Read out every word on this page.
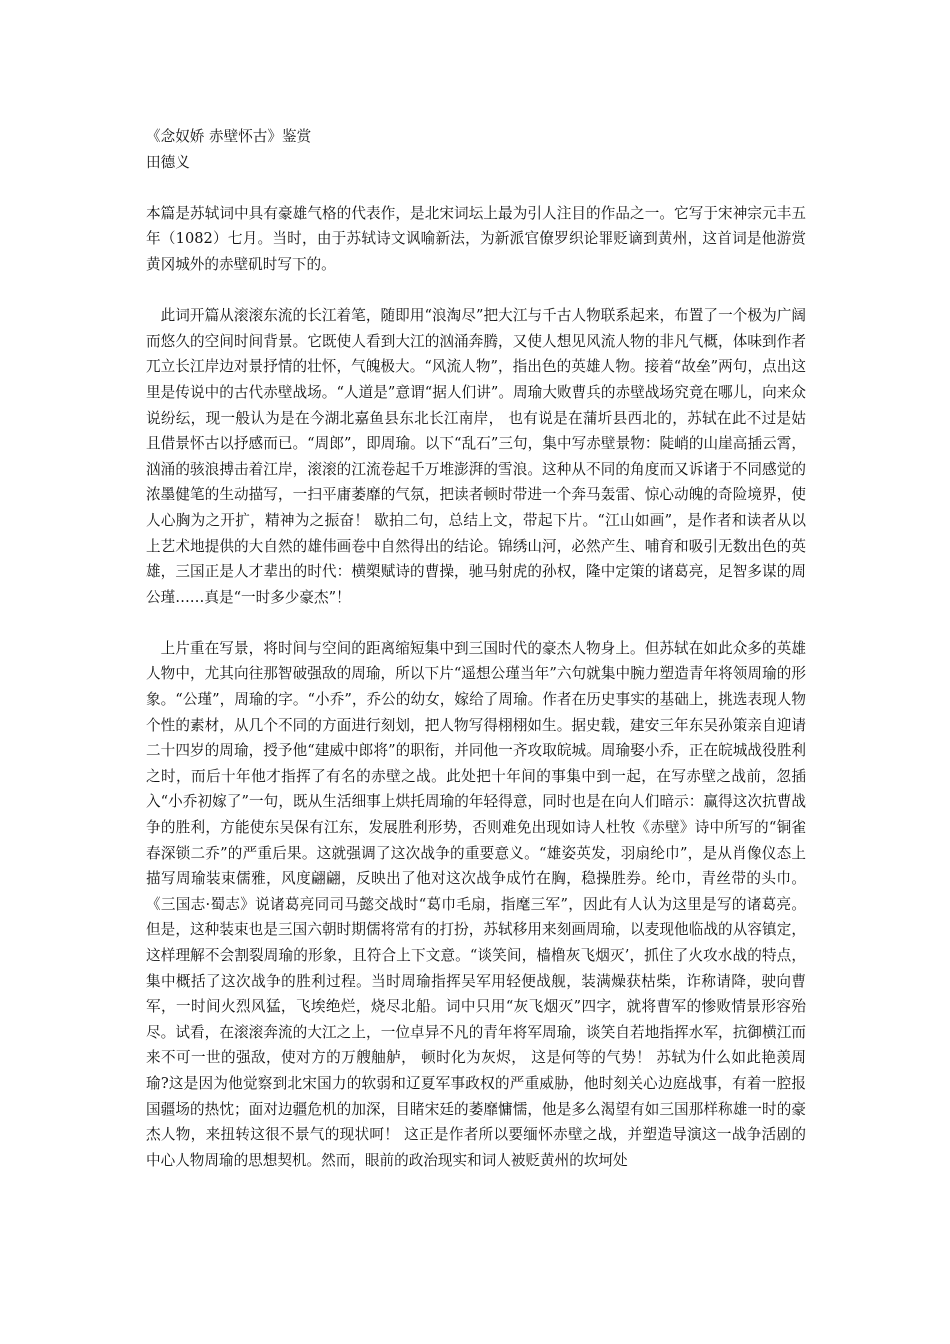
《念奴娇 赤壁怀古》鉴赏

田德义

本篇是苏轼词中具有豪雄气格的代表作，是北宋词坛上最为引人注目的作品之一。它写于宋神宗元丰五年（1082）七月。当时，由于苏轼诗文讽喻新法，为新派官僚罗织论罪贬谪到黄州，这首词是他游赏黄冈城外的赤壁矶时写下的。

此词开篇从滚滚东流的长江着笔，随即用“浪淘尽”把大江与千古人物联系起来，布置了一个极为广阔而悠久的空间时间背景。它既使人看到大江的汹涌奔腾，又使人想见风流人物的非凡气概，体味到作者兀立长江岸边对景抒情的壮怀，气魄极大。“风流人物”，指出色的英雄人物。接着“故垒”两句，点出这里是传说中的古代赤壁战场。“人道是”意谓“据人们讲”。周瑜大败曹兵的赤壁战场究竟在哪儿，向来众说纷纭，现一般认为是在今湖北嘉鱼县东北长江南岸， 也有说是在蒲圻县西北的，苏轼在此不过是姑且借景怀古以抒感而已。“周郎”，即周瑜。以下“乱石”三句，集中写赤壁景物：陡峭的山崖高插云霄，汹涌的骇浪搏击着江岸，滚滚的江流卷起千万堆澎湃的雪浪。这种从不同的角度而又诉诸于不同感觉的浓墨健笔的生动描写，一扫平庸萎靡的气氛，把读者顿时带进一个奔马轰雷、惊心动魄的奇险境界，使人心胸为之开扩，精神为之振奋！ 歇拍二句，总结上文，带起下片。“江山如画”，是作者和读者从以上艺术地提供的大自然的雄伟画卷中自然得出的结论。锦绣山河，必然产生、哺育和吸引无数出色的英雄，三国正是人才辈出的时代：横槊赋诗的曹操，驰马射虎的孙权，隆中定策的诸葛亮，足智多谋的周公瑾……真是“一时多少豪杰”！

上片重在写景，将时间与空间的距离缩短集中到三国时代的豪杰人物身上。但苏轼在如此众多的英雄人物中，尤其向往那智破强敌的周瑜，所以下片“遥想公瑾当年”六句就集中腕力塑造青年将领周瑜的形象。“公瑾”，周瑜的字。“小乔”，乔公的幼女，嫁给了周瑜。作者在历史事实的基础上，挑选表现人物个性的素材，从几个不同的方面进行刻划，把人物写得栩栩如生。据史载，建安三年东吴孙策亲自迎请二十四岁的周瑜，授予他“建威中郎将”的职衔，并同他一齐攻取皖城。周瑜娶小乔，正在皖城战役胜利之时，而后十年他才指挥了有名的赤壁之战。此处把十年间的事集中到一起，在写赤壁之战前，忽插入“小乔初嫁了”一句，既从生活细事上烘托周瑜的年轻得意，同时也是在向人们暗示：赢得这次抗曹战争的胜利，方能使东吴保有江东，发展胜利形势，否则难免出现如诗人杜牧《赤壁》诗中所写的“铜雀春深锁二乔”的严重后果。这就强调了这次战争的重要意义。“雄姿英发，羽扇纶巾”，是从肖像仪态上描写周瑜装束儒雅，风度翩翩，反映出了他对这次战争成竹在胸，稳操胜券。纶巾，青丝带的头巾。《三国志·蜀志》说诸葛亮同司马懿交战时“葛巾毛扇，指麾三军”，因此有人认为这里是写的诸葛亮。但是，这种装束也是三国六朝时期儒将常有的打扮，苏轼移用来刻画周瑜，以麦现他临战的从容镇定，这样理解不会割裂周瑜的形象，且符合上下文意。“谈笑间，樯橹灰飞烟灭’，抓住了火攻水战的特点，集中概括了这次战争的胜利过程。当时周瑜指挥吴军用轻便战舰，装满燥获枯柴，诈称请降，驶向曹军，一时间火烈风猛，飞埃绝烂，烧尽北船。词中只用“灰飞烟灭”四字，就将曹军的惨败情景形容殆尽。试看，在滚滚奔流的大江之上，一位卓异不凡的青年将军周瑜，谈笑自若地指挥水军，抗御横江而来不可一世的强敌，使对方的万艘舳舻， 顿时化为灰烬， 这是何等的气势！ 苏轼为什么如此艳羡周瑜?这是因为他觉察到北宋国力的软弱和辽夏军事政权的严重威胁，他时刻关心边庭战事，有着一腔报国疆场的热忱；面对边疆危机的加深，目睹宋廷的萎靡慵懦，他是多么渴望有如三国那样称雄一时的豪杰人物，来扭转这很不景气的现状呵！ 这正是作者所以要缅怀赤壁之战，并塑造导演这一战争活剧的中心人物周瑜的思想契机。然而，眼前的政治现实和词人被贬黄州的坎坷处
